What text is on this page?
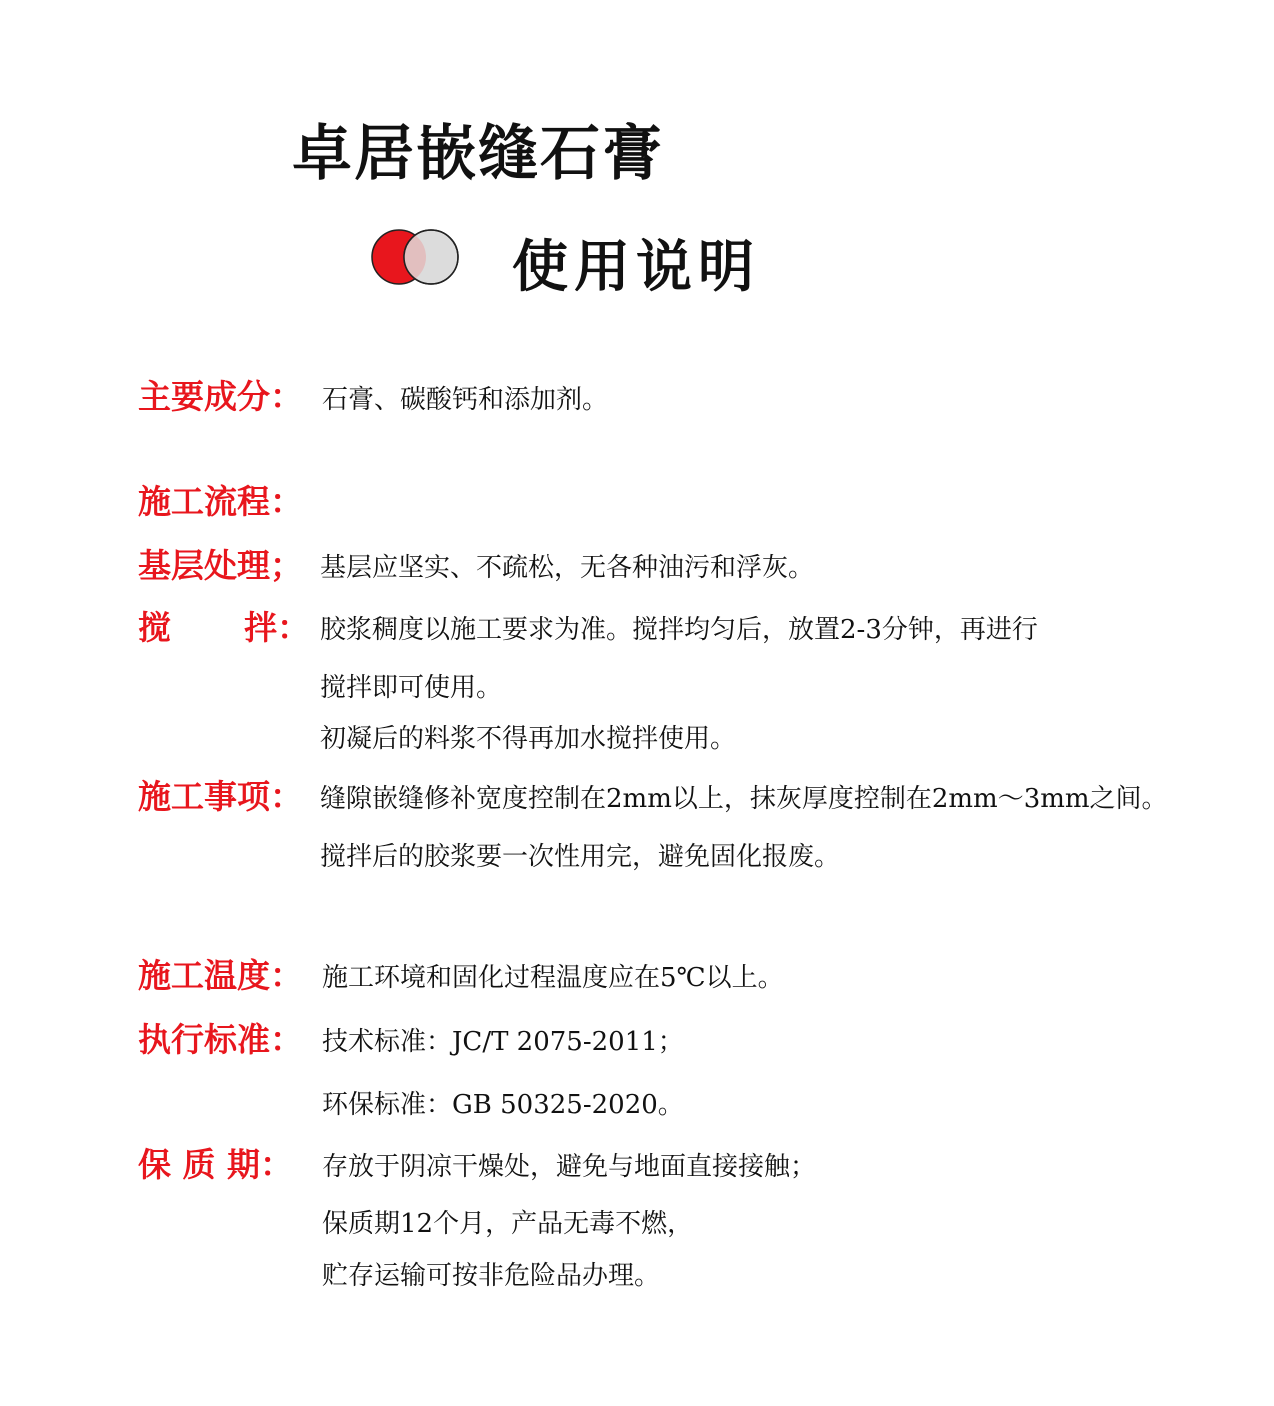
卓居嵌缝石膏
使用说明
主要成分： 石膏、碳酸钙和添加剂。
施工流程：
基层处理； 基层应坚实、不疏松，无各种油污和浮灰。
搅 拌： 胶浆稠度以施工要求为准。搅拌均匀后，放置2-3分钟，再进行
搅拌即可使用。
初凝后的料浆不得再加水搅拌使用。
施工事项： 缝隙嵌缝修补宽度控制在2mm以上，抹灰厚度控制在2mm～3mm之间。
搅拌后的胶浆要一次性用完，避免固化报废。
施工温度： 施工环境和固化过程温度应在5℃以上。
执行标准： 技术标准：JC/T 2075-2011；
环保标准：GB 50325-2020。
保 质 期： 存放于阴凉干燥处，避免与地面直接接触；
保质期12个月，产品无毒不燃，
贮存运输可按非危险品办理。
